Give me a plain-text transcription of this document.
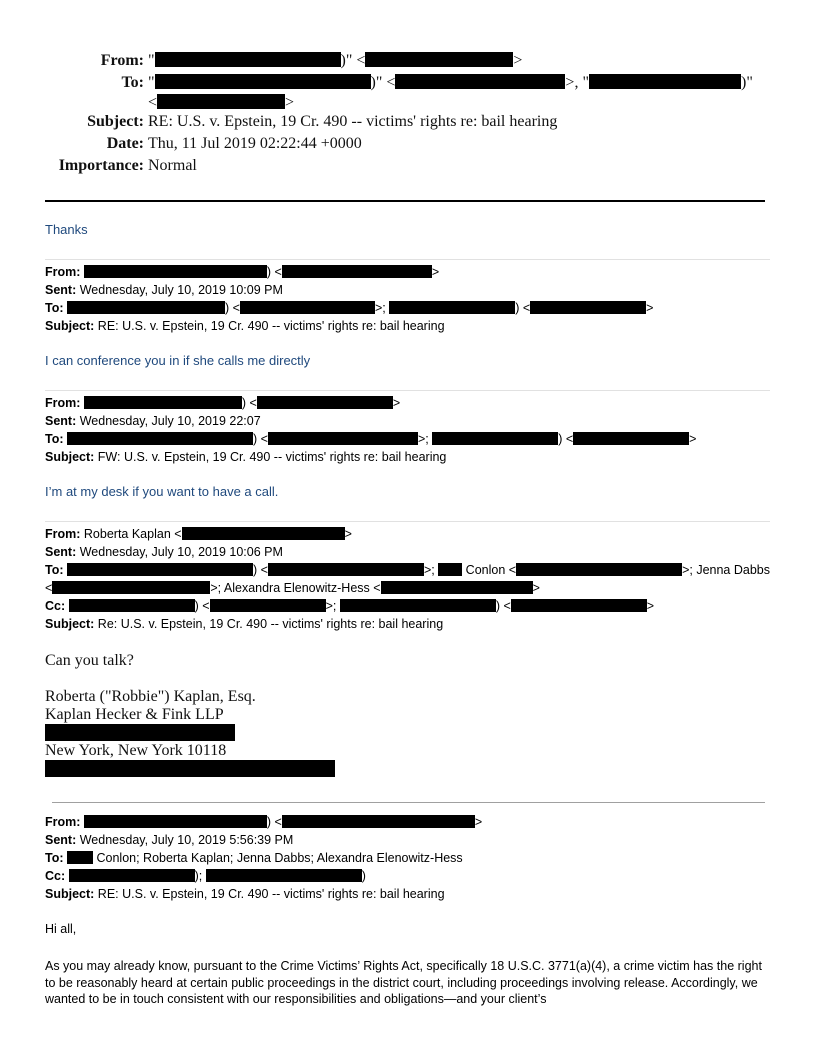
From: "	)" <	>
To: "	)" <	>, "	)"
<	>
Subject: RE: U.S. v. Epstein, 19 Cr. 490 -- victims' rights re: bail hearing
Date: Thu, 11 Jul 2019 02:22:44 +0000
Importance: Normal
Thanks
From:	) <	>
Sent: Wednesday, July 10, 2019 10:09 PM
To:	) <	>;	) <	>
Subject: RE: U.S. v. Epstein, 19 Cr. 490 -- victims' rights re: bail hearing
I can conference you in if she calls me directly
From:	) <	>
Sent: Wednesday, July 10, 2019 22:07
To:	) <	>;	) <	>
Subject: FW: U.S. v. Epstein, 19 Cr. 490 -- victims' rights re: bail hearing
I’m at my desk if you want to have a call.
From: Roberta Kaplan <	>
Sent: Wednesday, July 10, 2019 10:06 PM
To:	) <	>;  Conlon <	>; Jenna Dabbs
<	>; Alexandra Elenowitz-Hess <	>
Cc:	) <	>;	) <	>
Subject: Re: U.S. v. Epstein, 19 Cr. 490 -- victims' rights re: bail hearing
Can you talk?
Roberta ("Robbie") Kaplan, Esq.
Kaplan Hecker & Fink LLP
New York, New York 10118
From:	) <	>
Sent: Wednesday, July 10, 2019 5:56:39 PM
To:	Conlon; Roberta Kaplan; Jenna Dabbs; Alexandra Elenowitz-Hess
Cc:	);	)
Subject: RE: U.S. v. Epstein, 19 Cr. 490 -- victims' rights re: bail hearing
Hi all,
As you may already know, pursuant to the Crime Victims’ Rights Act, specifically 18 U.S.C. 3771(a)(4), a crime victim has the right to be reasonably heard at certain public proceedings in the district court, including proceedings involving release. Accordingly, we wanted to be in touch consistent with our responsibilities and obligations—and your client’s
